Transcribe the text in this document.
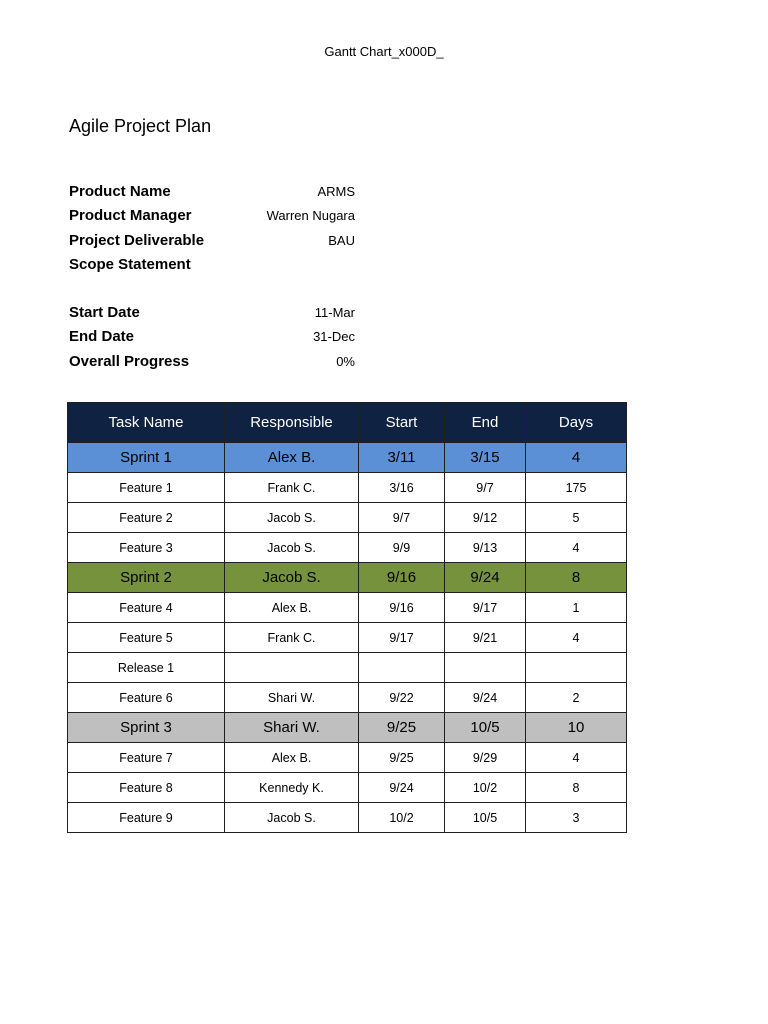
Gantt Chart_x000D_
Agile Project Plan
Product Name	ARMS
Product Manager	Warren Nugara
Project Deliverable	BAU
Scope Statement
Start Date	11-Mar
End Date	31-Dec
Overall Progress	0%
Task Name	Responsible	Start	End	Days
Sprint 1	Alex B.	3/11	3/15	4
Feature 1	Frank C.	3/16	9/7	175
Feature 2	Jacob S.	9/7	9/12	5
Feature 3	Jacob S.	9/9	9/13	4
Sprint 2	Jacob S.	9/16	9/24	8
Feature 4	Alex B.	9/16	9/17	1
Feature 5	Frank C.	9/17	9/21	4
Release 1				
Feature 6	Shari W.	9/22	9/24	2
Sprint 3	Shari W.	9/25	10/5	10
Feature 7	Alex B.	9/25	9/29	4
Feature 8	Kennedy K.	9/24	10/2	8
Feature 9	Jacob S.	10/2	10/5	3
